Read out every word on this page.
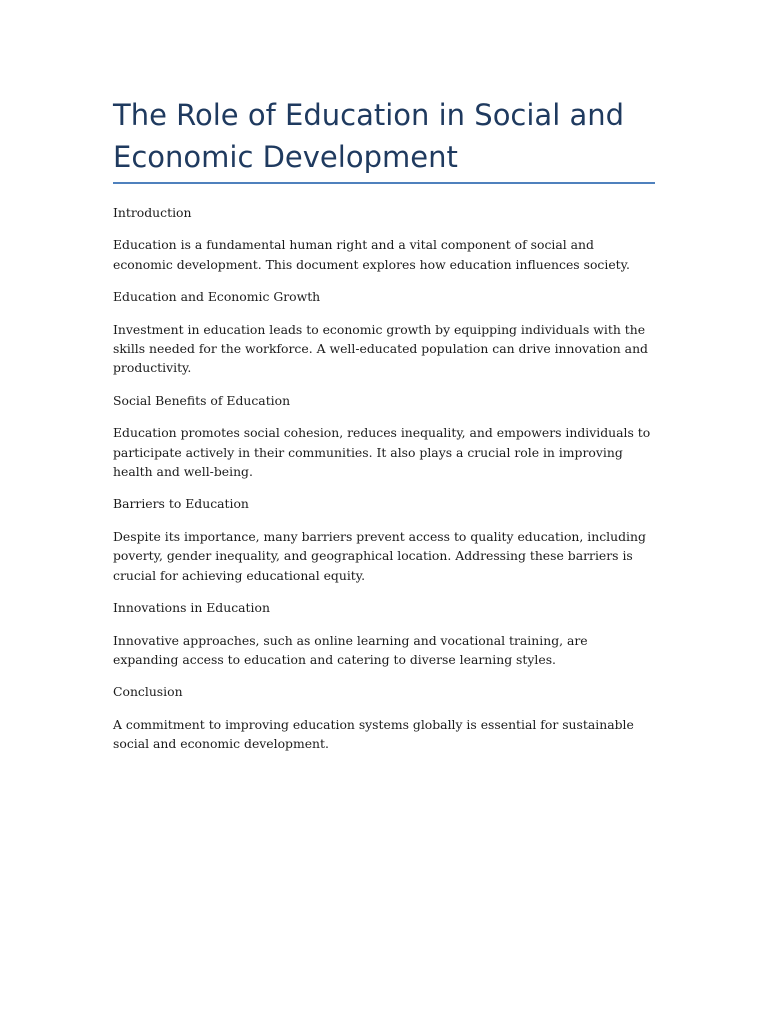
The Role of Education in Social and Economic Development

Introduction

Education is a fundamental human right and a vital component of social and economic development. This document explores how education influences society.

Education and Economic Growth

Investment in education leads to economic growth by equipping individuals with the skills needed for the workforce. A well-educated population can drive innovation and productivity.

Social Benefits of Education

Education promotes social cohesion, reduces inequality, and empowers individuals to participate actively in their communities. It also plays a crucial role in improving health and well-being.

Barriers to Education

Despite its importance, many barriers prevent access to quality education, including poverty, gender inequality, and geographical location. Addressing these barriers is crucial for achieving educational equity.

Innovations in Education

Innovative approaches, such as online learning and vocational training, are expanding access to education and catering to diverse learning styles.

Conclusion

A commitment to improving education systems globally is essential for sustainable social and economic development.
